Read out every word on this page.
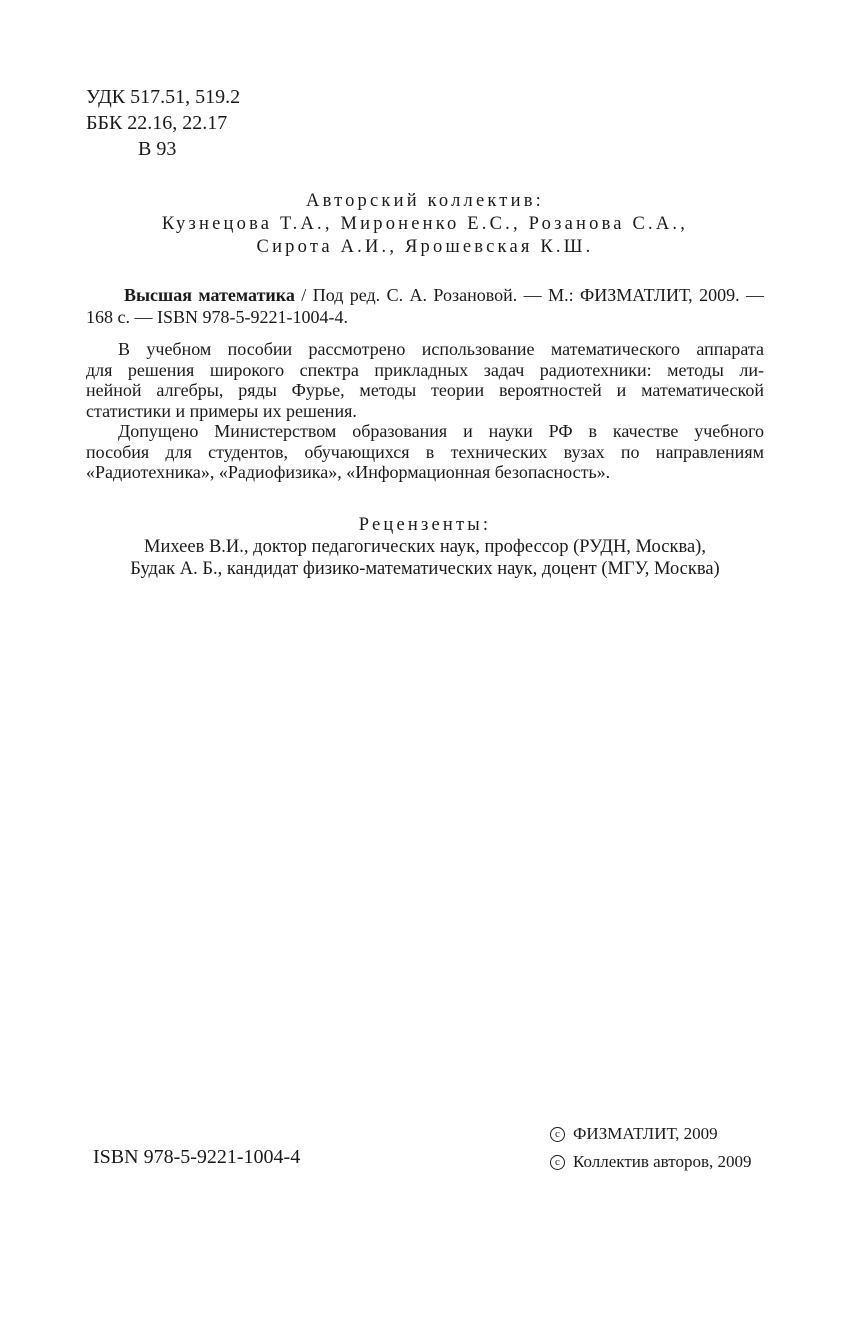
УДК 517.51, 519.2
ББК 22.16, 22.17
В 93
Авторский коллектив:
Кузнецова Т.А., Мироненко Е.С., Розанова С.А.,
Сирота А.И., Ярошевская К.Ш.

Высшая математика / Под ред. С. А. Розановой. — М.: ФИЗМАТЛИТ, 2009. — 168 с. — ISBN 978-5-9221-1004-4.

В учебном пособии рассмотрено использование математического аппарата
для решения широкого спектра прикладных задач радиотехники: методы ли-
нейной алгебры, ряды Фурье, методы теории вероятностей и математической
статистики и примеры их решения.

Допущено Министерством образования и науки РФ в качестве учебного
пособия для студентов, обучающихся в технических вузах по направлениям
«Радиотехника», «Радиофизика», «Информационная безопасность».

Рецензенты:
Михеев В.И., доктор педагогических наук, профессор (РУДН, Москва),
Будак А. Б., кандидат физико-математических наук, доцент (МГУ, Москва)
ISBN 978-5-9221-1004-4
c ФИЗМАТЛИТ, 2009
c Коллектив авторов, 2009
